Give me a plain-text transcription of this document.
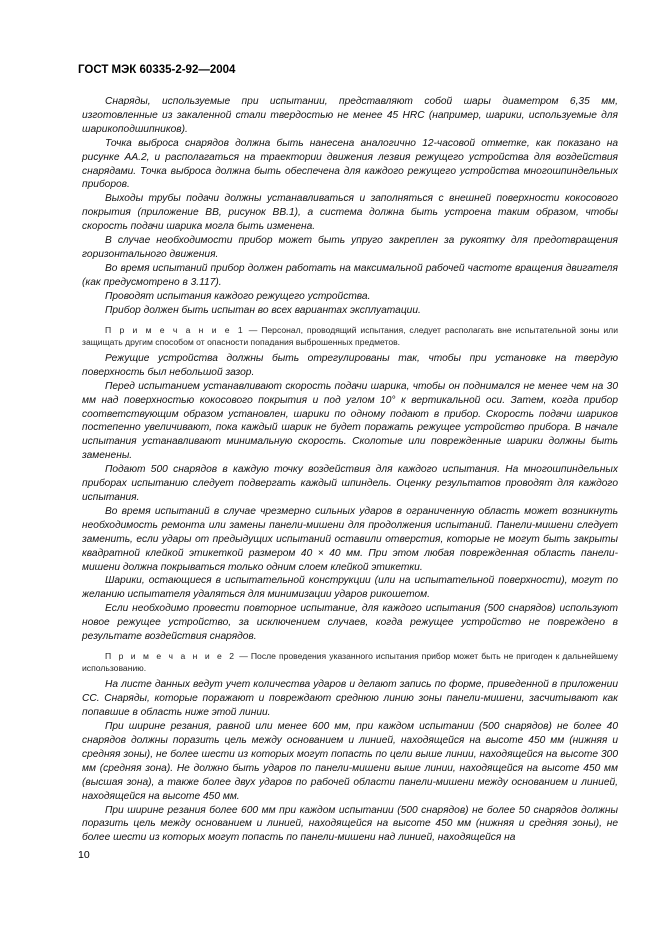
ГОСТ МЭК 60335-2-92—2004

Снаряды, используемые при испытании, представляют собой шары диаметром 6,35 мм, изготовленные из закаленной стали твердостью не менее 45 HRC (например, шарики, используемые для шарикоподшипников).

Точка выброса снарядов должна быть нанесена аналогично 12-часовой отметке, как показано на рисунке АА.2, и располагаться на траектории движения лезвия режущего устройства для воздействия снарядами. Точка выброса должна быть обеспечена для каждого режущего устройства многошпиндельных приборов.

Выходы трубы подачи должны устанавливаться и заполняться с внешней поверхности кокосового покрытия (приложение ВВ, рисунок ВВ.1), а система должна быть устроена таким образом, чтобы скорость подачи шарика могла быть изменена.

В случае необходимости прибор может быть упруго закреплен за рукоятку для предотвращения горизонтального движения.

Во время испытаний прибор должен работать на максимальной рабочей частоте вращения двигателя (как предусмотрено в 3.117).

Проводят испытания каждого режущего устройства.

Прибор должен быть испытан во всех вариантах эксплуатации.

П р и м е ч а н и е 1 — Персонал, проводящий испытания, следует располагать вне испытательной зоны или защищать другим способом от опасности попадания выброшенных предметов.

Режущие устройства должны быть отрегулированы так, чтобы при установке на твердую поверхность был небольшой зазор.

Перед испытанием устанавливают скорость подачи шарика, чтобы он поднимался не менее чем на 30 мм над поверхностью кокосового покрытия и под углом 10° к вертикальной оси. Затем, когда прибор соответствующим образом установлен, шарики по одному подают в прибор. Скорость подачи шариков постепенно увеличивают, пока каждый шарик не будет поражать режущее устройство прибора. В начале испытания устанавливают минимальную скорость. Сколотые или поврежденные шарики должны быть заменены.

Подают 500 снарядов в каждую точку воздействия для каждого испытания. На многошпиндельных приборах испытанию следует подвергать каждый шпиндель. Оценку результатов проводят для каждого испытания.

Во время испытаний в случае чрезмерно сильных ударов в ограниченную область может возникнуть необходимость ремонта или замены панели-мишени для продолжения испытаний. Панели-мишени следует заменить, если удары от предыдущих испытаний оставили отверстия, которые не могут быть закрыты квадратной клейкой этикеткой размером 40 × 40 мм. При этом любая поврежденная область панели-мишени должна покрываться только одним слоем клейкой этикетки.

Шарики, остающиеся в испытательной конструкции (или на испытательной поверхности), могут по желанию испытателя удаляться для минимизации ударов рикошетом.

Если необходимо провести повторное испытание, для каждого испытания (500 снарядов) используют новое режущее устройство, за исключением случаев, когда режущее устройство не повреждено в результате воздействия снарядов.

П р и м е ч а н и е 2 — После проведения указанного испытания прибор может быть не пригоден к дальнейшему использованию.

На листе данных ведут учет количества ударов и делают запись по форме, приведенной в приложении СС. Снаряды, которые поражают и повреждают среднюю линию зоны панели-мишени, засчитывают как попавшие в область ниже этой линии.

При ширине резания, равной или менее 600 мм, при каждом испытании (500 снарядов) не более 40 снарядов должны поразить цель между основанием и линией, находящейся на высоте 450 мм (нижняя и средняя зоны), не более шести из которых могут попасть по цели выше линии, находящейся на высоте 300 мм (средняя зона). Не должно быть ударов по панели-мишени выше линии, находящейся на высоте 450 мм (высшая зона), а также более двух ударов по рабочей области панели-мишени между основанием и линией, находящейся на высоте 450 мм.

При ширине резания более 600 мм при каждом испытании (500 снарядов) не более 50 снарядов должны поразить цель между основанием и линией, находящейся на высоте 450 мм (нижняя и средняя зоны), не более шести из которых могут попасть по панели-мишени над линией, находящейся на

10
